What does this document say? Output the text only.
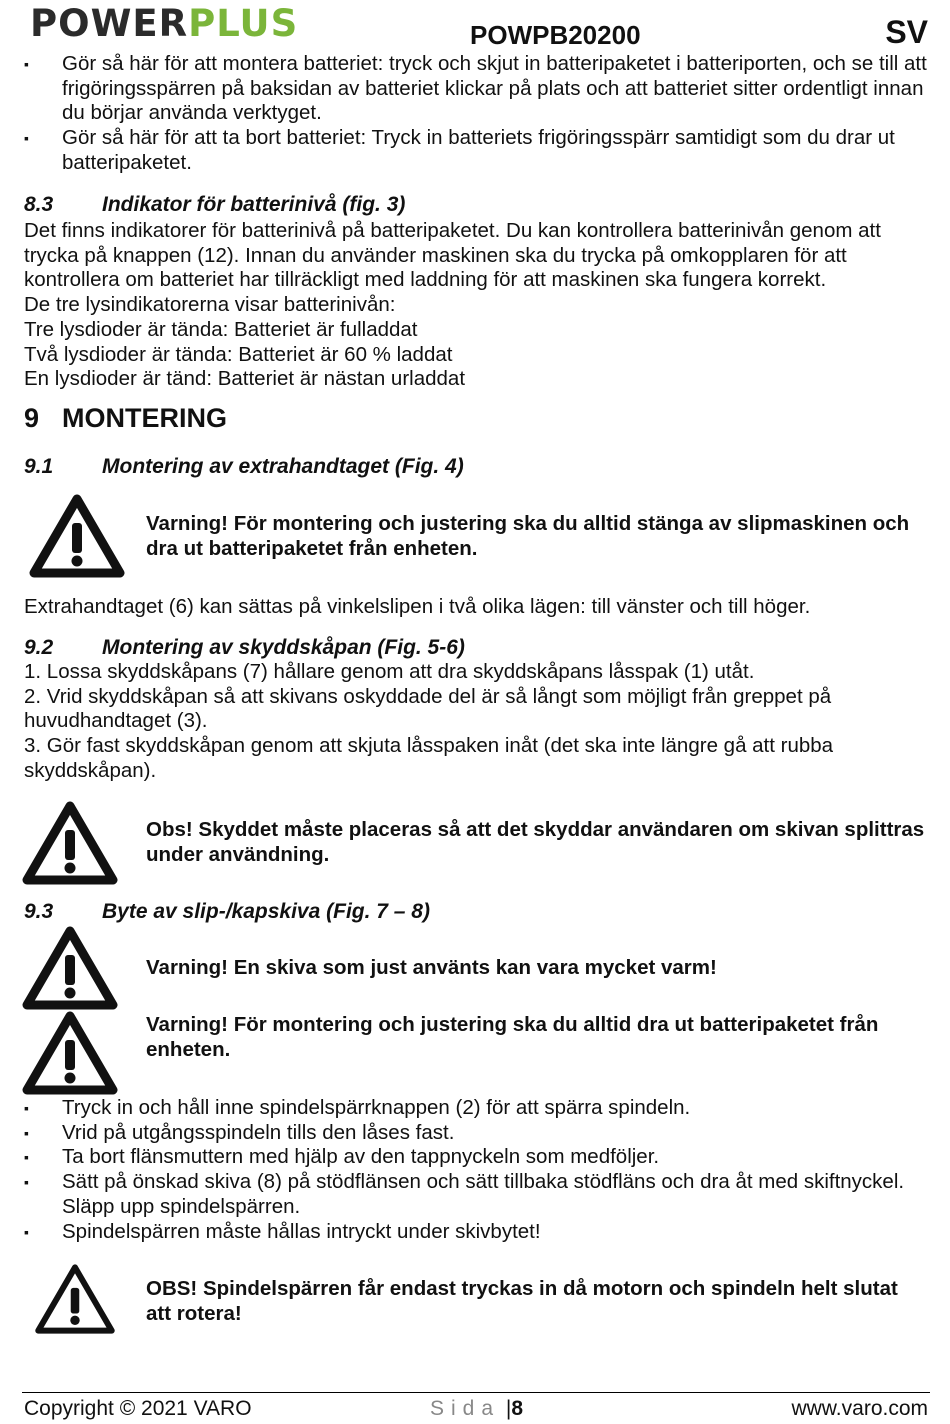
POWERPLUS	POWPB20200	SV
▪ Gör så här för att montera batteriet: tryck och skjut in batteripaketet i batteriporten, och se till att frigöringsspärren på baksidan av batteriet klickar på plats och att batteriet sitter ordentligt innan du börjar använda verktyget.
▪ Gör så här för att ta bort batteriet: Tryck in batteriets frigöringsspärr samtidigt som du drar ut batteripaketet.
8.3 Indikator för batterinivå (fig. 3)

Det finns indikatorer för batterinivå på batteripaketet. Du kan kontrollera batterinivån genom att trycka på knappen (12). Innan du använder maskinen ska du trycka på omkopplaren för att kontrollera om batteriet har tillräckligt med laddning för att maskinen ska fungera korrekt.

De tre lysindikatorerna visar batterinivån:

Tre lysdioder är tända: Batteriet är fulladdat

Två lysdioder är tända: Batteriet är 60 % laddat

En lysdioder är tänd: Batteriet är nästan urladdat

9 MONTERING
9.1 Montering av extrahandtaget (Fig. 4)
Varning! För montering och justering ska du alltid stänga av slipmaskinen och dra ut batteripaketet från enheten.
Extrahandtaget (6) kan sättas på vinkelslipen i två olika lägen: till vänster och till höger.
9.2 Montering av skyddskåpan (Fig. 5-6)

1. Lossa skyddskåpans (7) hållare genom att dra skyddskåpans låsspak (1) utåt.

2. Vrid skyddskåpan så att skivans oskyddade del är så långt som möjligt från greppet på huvudhandtaget (3).

3. Gör fast skyddskåpan genom att skjuta låsspaken inåt (det ska inte längre gå att rubba skyddskåpan).

Obs! Skyddet måste placeras så att det skyddar användaren om skivan splittras under användning.
9.3 Byte av slip-/kapskiva (Fig. 7 – 8)
Varning! En skiva som just använts kan vara mycket varm!
Varning! För montering och justering ska du alltid dra ut batteripaketet från enheten.
▪ Tryck in och håll inne spindelspärrknappen (2) för att spärra spindeln.
▪ Vrid på utgångsspindeln tills den låses fast.
▪ Ta bort flänsmuttern med hjälp av den tappnyckeln som medföljer.
▪ Sätt på önskad skiva (8) på stödflänsen och sätt tillbaka stödfläns och dra åt med skiftnyckel. Släpp upp spindelspärren.
▪ Spindelspärren måste hållas intryckt under skivbytet!
OBS! Spindelspärren får endast tryckas in då motorn och spindeln helt slutat att rotera!
Copyright © 2021 VARO	Sida |8	www.varo.com
